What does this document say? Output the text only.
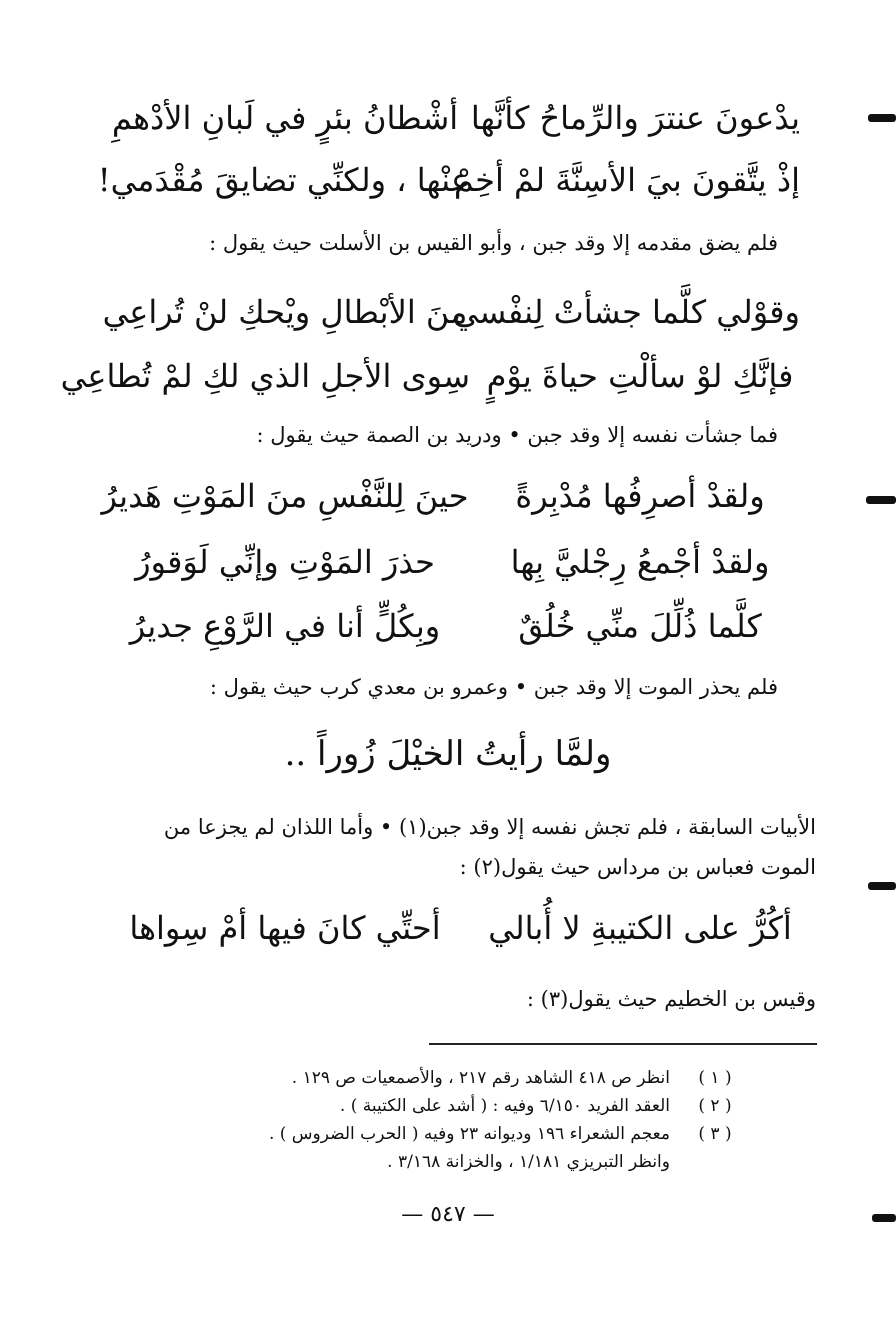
يدْعونَ عنترَ والرِّماحُ كأنَّها
أشْطانُ بئرٍ في لَبانِ الأدْهمِ
إذْ يتَّقونَ بيَ الأسِنَّةَ لمْ أخِمْ
عنْها ، ولكنِّي تضايقَ مُقْدَمي!
فلم يضق مقدمه إلا وقد جبن ، وأبو القيس بن الأسلت حيث يقول :
وقوْلي كلَّما جشأتْ لِنفْسي
منَ الأبْطالِ ويْحكِ لنْ تُراعِي
فإنَّكِ لوْ سألْتِ حياةَ يوْمٍ
سِوى الأجلِ الذي لكِ لمْ تُطاعِي
فما جشأت نفسه إلا وقد جبن • ودريد بن الصمة حيث يقول :
ولقدْ أصرِفُها مُدْبِرةً
حينَ لِلنَّفْسِ منَ المَوْتِ هَديرُ
ولقدْ أجْمعُ رِجْليَّ بِها
حذرَ المَوْتِ وإنِّي لَوَقورُ
كلَّما ذُلِّلَ منِّي خُلُقٌ
وبِكُلٍّ أنا في الرَّوْعِ جديرُ
فلم يحذر الموت إلا وقد جبن • وعمرو بن معدي كرب حيث يقول :
ولمَّا رأيتُ الخيْلَ زُوراً ..
الأبيات السابقة ، فلم تجش نفسه إلا وقد جبن(١) • وأما اللذان لم يجزعا من
الموت فعباس بن مرداس حيث يقول(٢) :
أكُرُّ على الكتيبةِ لا أُبالي
أحتِّي كانَ فيها أمْ سِواها
وقيس بن الخطيم حيث يقول(٣) :
( ١ )
انظر ص ٤١٨ الشاهد رقم ٢١٧ ، والأصمعيات ص ١٢٩ .
( ٢ )
العقد الفريد ٦/١٥٠ وفيه : ( أشد على الكتيبة ) .
( ٣ )
معجم الشعراء ١٩٦ وديوانه ٢٣ وفيه ( الحرب الضروس ) .
وانظر التبريزي ١/١٨١ ، والخزانة ٣/١٦٨ .
— ٥٤٧ —
